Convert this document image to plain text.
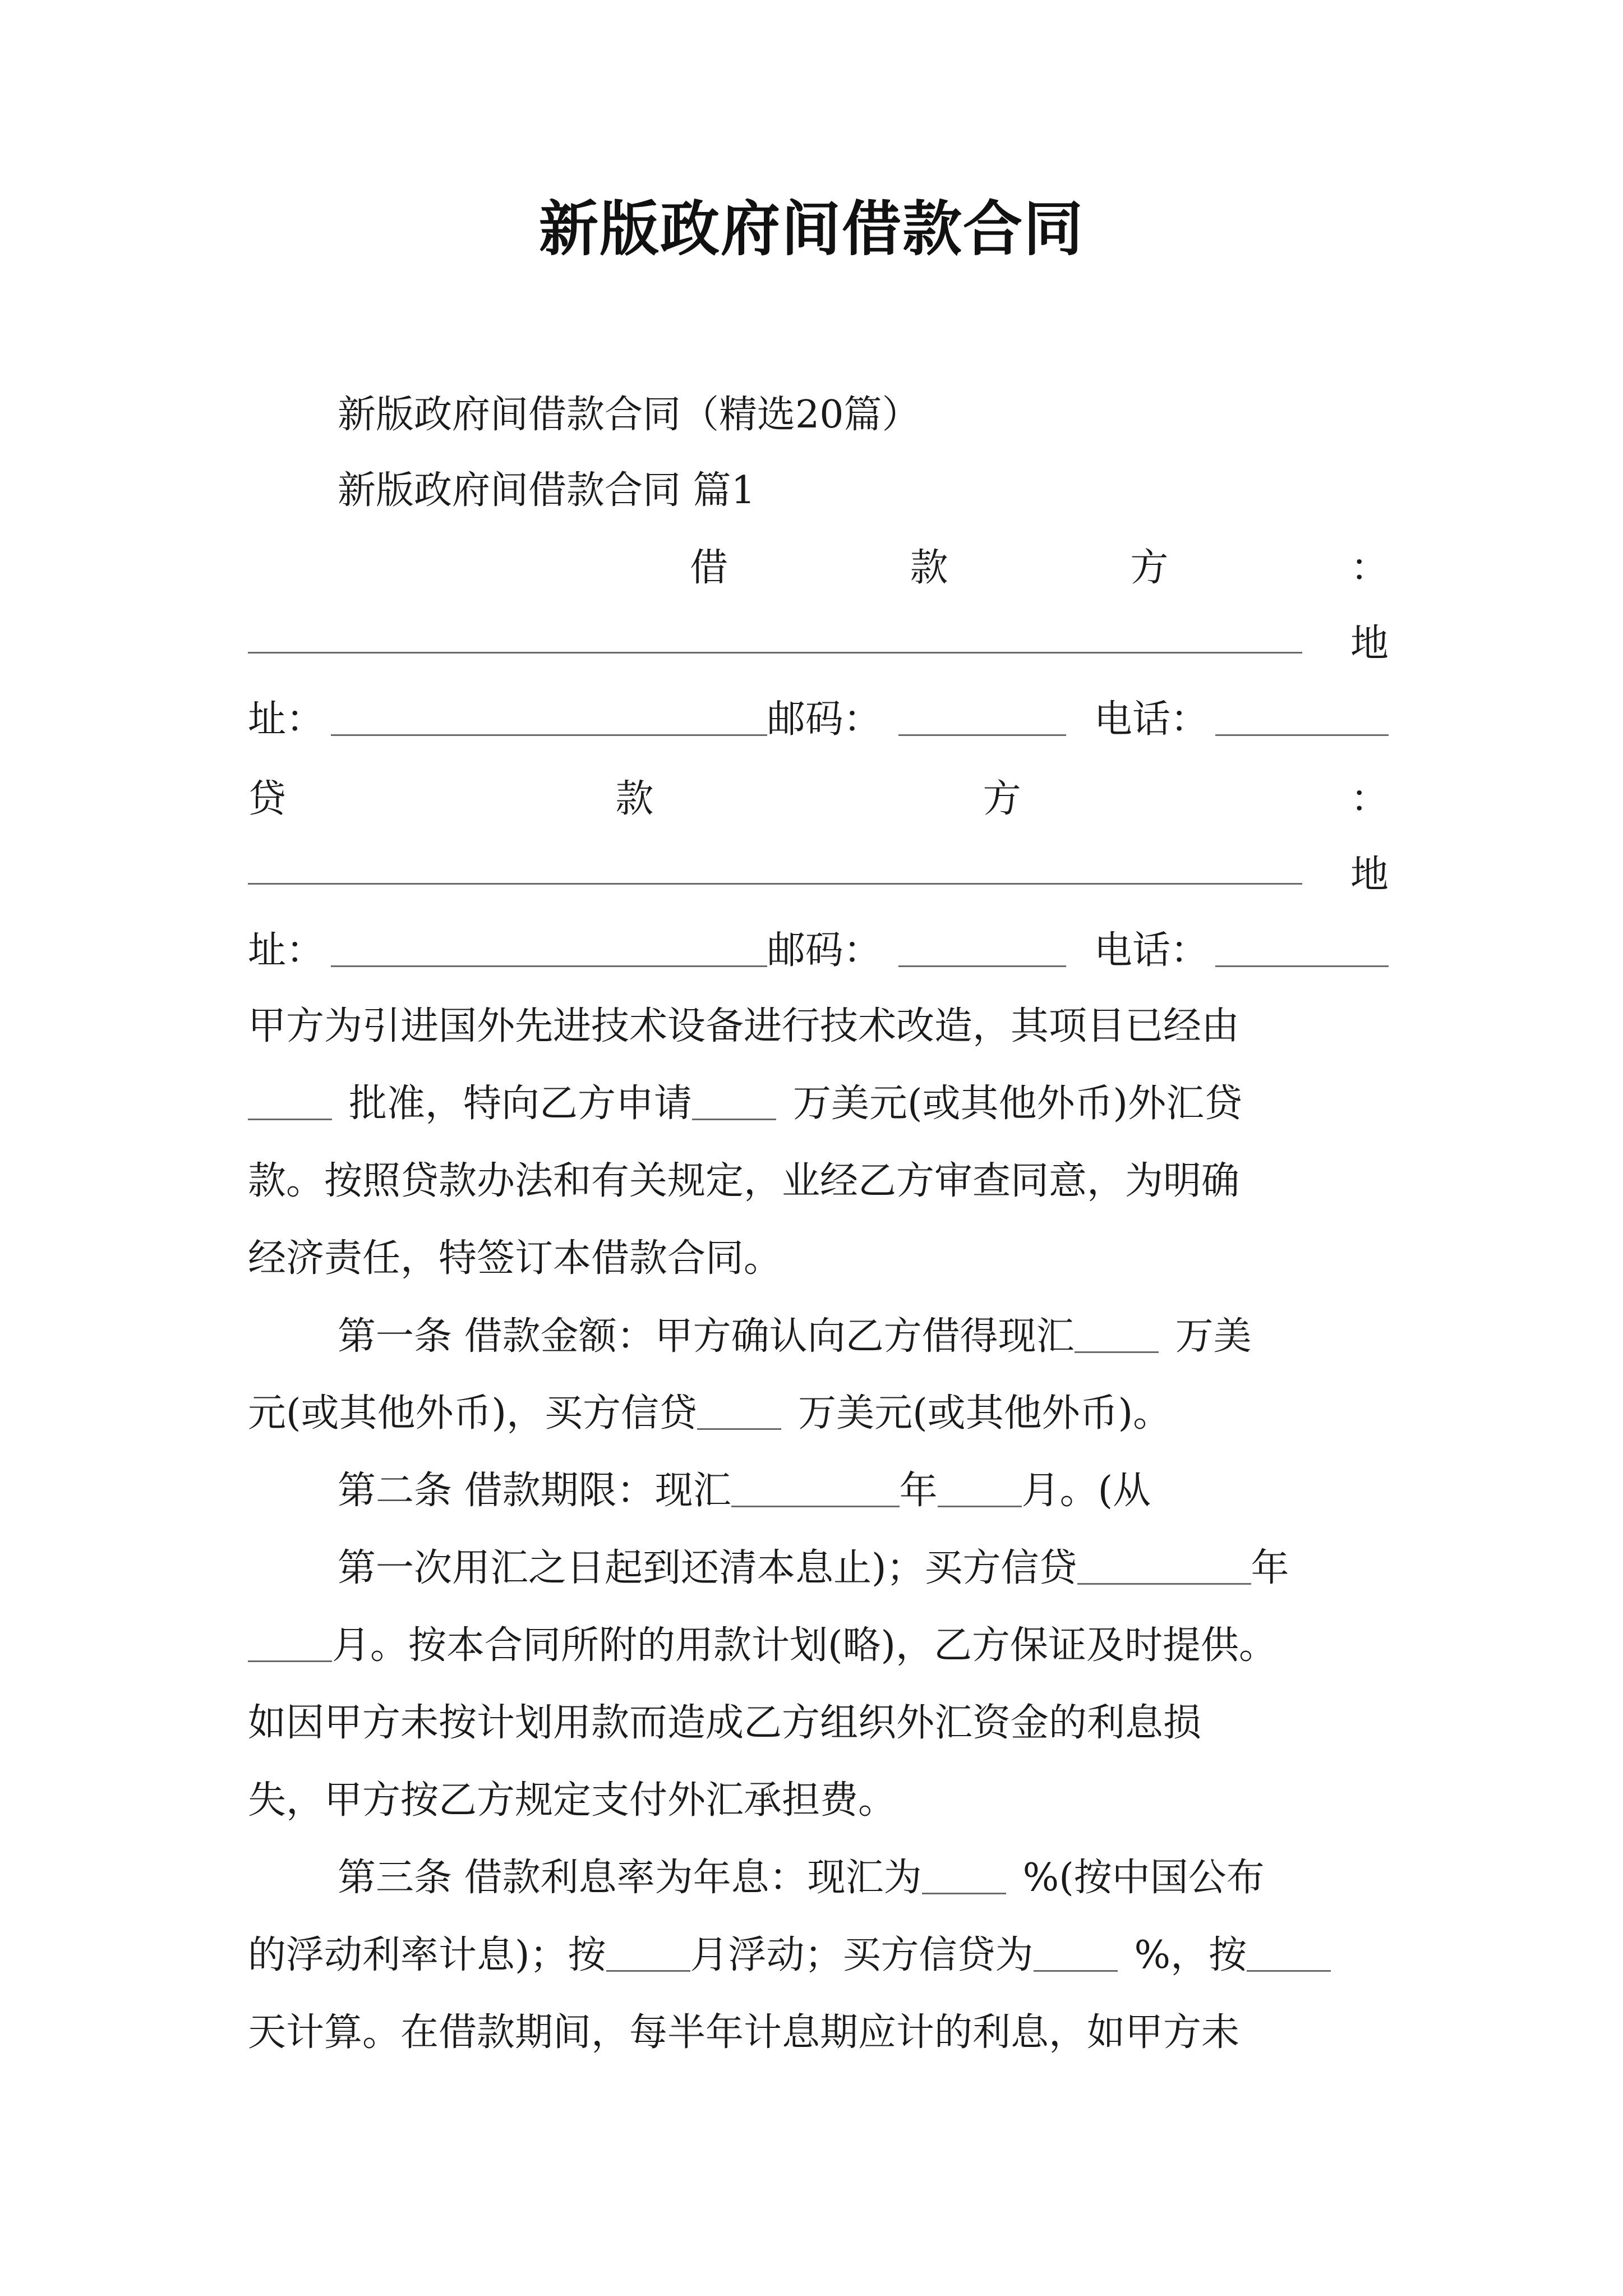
新版政府间借款合同
新版政府间借款合同（精选20篇）
新版政府间借款合同 篇1
借	款	方	：
地
址：	邮码：	电话：
贷	款	方	：
地
址：	邮码：	电话：
甲方为引进国外先进技术设备进行技术改造，其项目已经由
批准，特向乙方申请	万美元(或其他外币)外汇贷
款。按照贷款办法和有关规定，业经乙方审查同意，为明确
经济责任，特签订本借款合同。
第一条 借款金额：甲方确认向乙方借得现汇	万美
元(或其他外币)，买方信贷	万美元(或其他外币)。
第二条 借款期限：现汇	年 月。(从
第一次用汇之日起到还清本息止)；买方信贷	年
月。按本合同所附的用款计划(略)，乙方保证及时提供。
如因甲方未按计划用款而造成乙方组织外汇资金的利息损
失，甲方按乙方规定支付外汇承担费。
第三条 借款利息率为年息：现汇为	%(按中国公布
的浮动利率计息)；按 月浮动；买方信贷为	%，按
天计算。在借款期间，每半年计息期应计的利息，如甲方未
